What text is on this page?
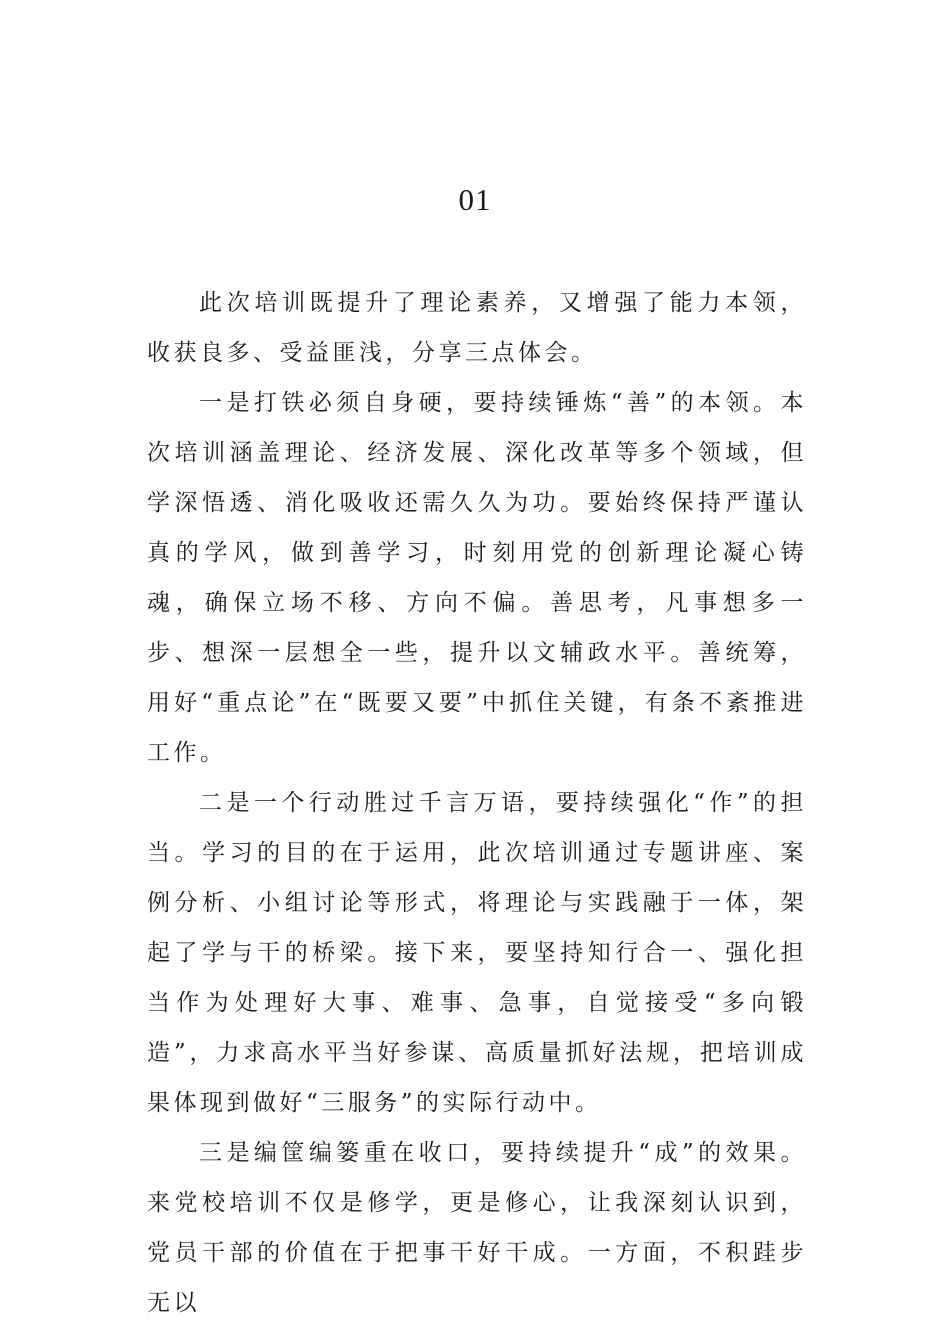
01

此次培训既提升了理论素养，又增强了能力本领，收获良多、受益匪浅，分享三点体会。

一是打铁必须自身硬，要持续锤炼“善”的本领。本次培训涵盖理论、经济发展、深化改革等多个领域，但学深悟透、消化吸收还需久久为功。要始终保持严谨认真的学风，做到善学习，时刻用党的创新理论凝心铸魂，确保立场不移、方向不偏。善思考，凡事想多一步、想深一层想全一些，提升以文辅政水平。善统筹，用好“重点论”在“既要又要”中抓住关键，有条不紊推进工作。

二是一个行动胜过千言万语，要持续强化“作”的担当。学习的目的在于运用，此次培训通过专题讲座、案例分析、小组讨论等形式，将理论与实践融于一体，架起了学与干的桥梁。接下来，要坚持知行合一、强化担当作为处理好大事、难事、急事，自觉接受“多向锻造”，力求高水平当好参谋、高质量抓好法规，把培训成果体现到做好“三服务”的实际行动中。

三是编筐编篓重在收口，要持续提升“成”的效果。来党校培训不仅是修学，更是修心，让我深刻认识到，党员干部的价值在于把事干好干成。一方面，不积跬步无以
